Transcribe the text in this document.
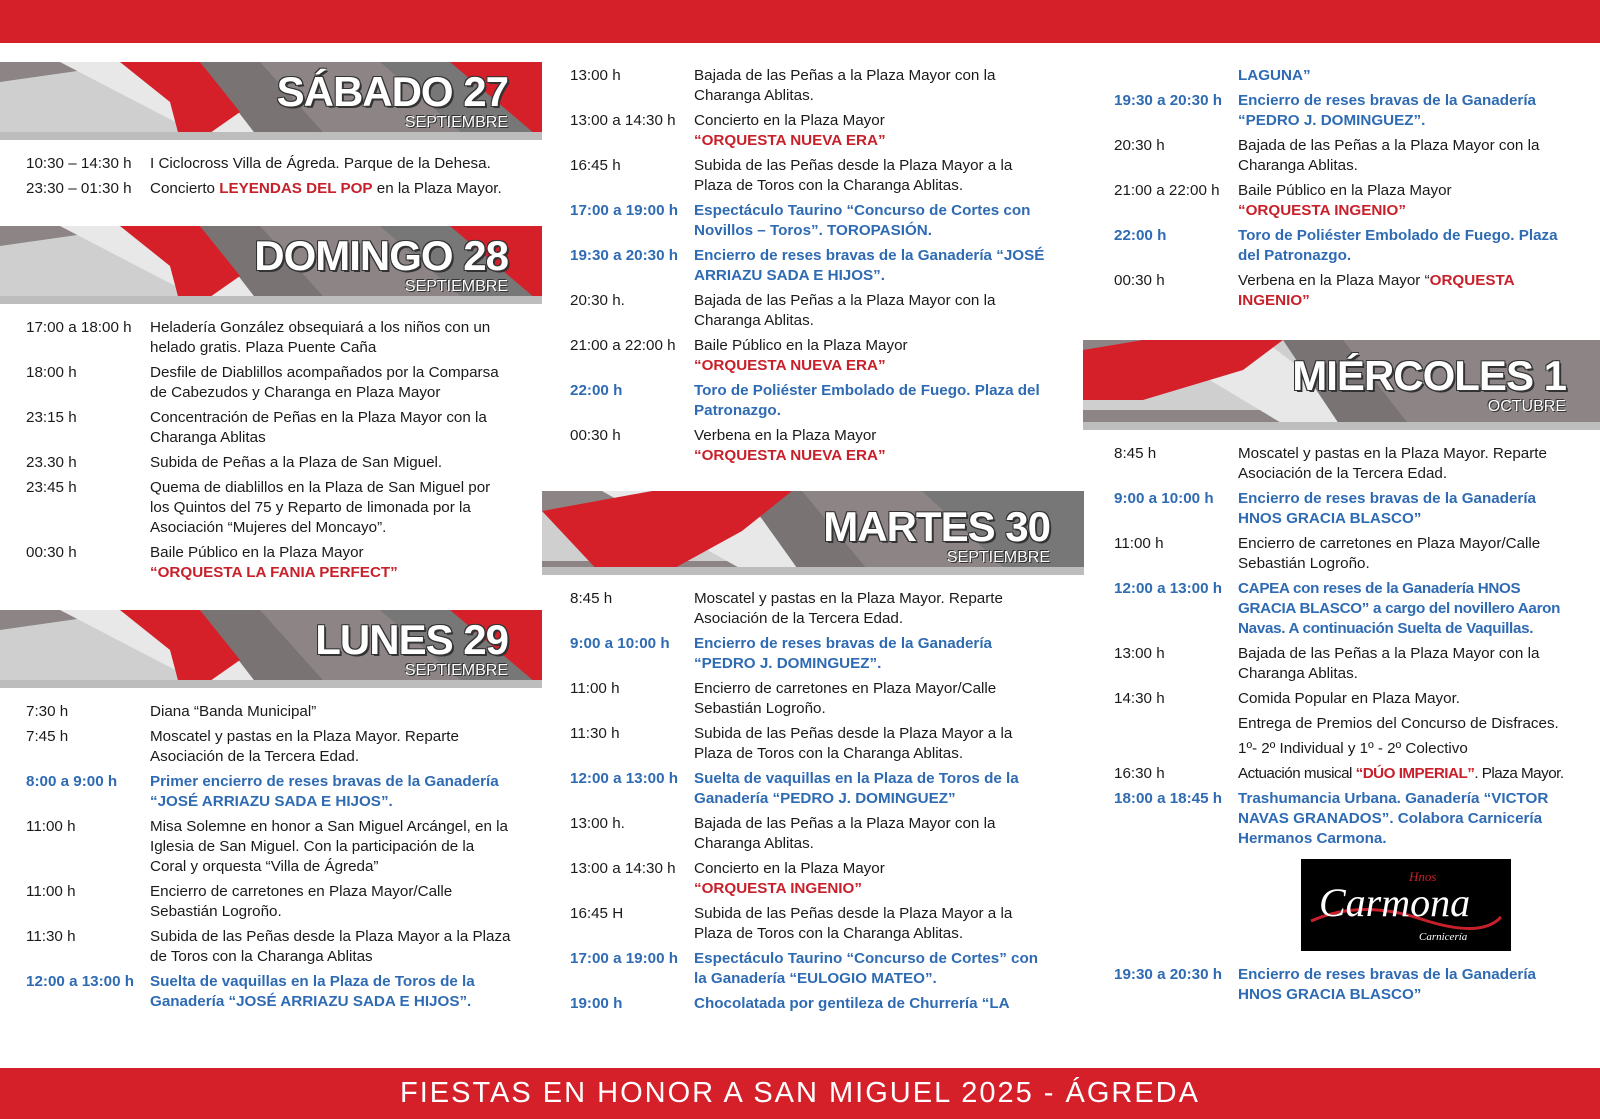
SÁBADO 27
SEPTIEMBRE
10:30 – 14:30 h	I Ciclocross Villa de Ágreda. Parque de la Dehesa.
23:30 – 01:30 h	Concierto LEYENDAS DEL POP en la Plaza Mayor.
DOMINGO 28
SEPTIEMBRE
17:00 a 18:00 h	Heladería González obsequiará a los niños con un helado gratis. Plaza Puente Caña
18:00 h	Desfile de Diablillos acompañados por la Comparsa de Cabezudos y Charanga en Plaza Mayor
23:15 h	Concentración de Peñas en la Plaza Mayor con la Charanga Ablitas
23.30 h	Subida de Peñas a la Plaza de San Miguel.
23:45 h	Quema de diablillos en la Plaza de San Miguel por los Quintos del 75 y Reparto de limonada por la Asociación “Mujeres del Moncayo”.
00:30 h	Baile Público en la Plaza Mayor
“ORQUESTA LA FANIA PERFECT”
LUNES 29
SEPTIEMBRE
7:30 h	Diana “Banda Municipal”
7:45 h	Moscatel y pastas en la Plaza Mayor. Reparte Asociación de la Tercera Edad.
8:00 a 9:00 h	Primer encierro de reses bravas de la Ganadería “JOSÉ ARRIAZU SADA E HIJOS”.
11:00 h	Misa Solemne en honor a San Miguel Arcángel, en la Iglesia de San Miguel. Con la participación de la Coral y orquesta “Villa de Ágreda”
11:00 h	Encierro de carretones en Plaza Mayor/Calle Sebastián Logroño.
11:30 h	Subida de las Peñas desde la Plaza Mayor a la Plaza de Toros con la Charanga Ablitas
12:00 a 13:00 h	Suelta de vaquillas en la Plaza de Toros de la Ganadería “JOSÉ ARRIAZU SADA E HIJOS”.
13:00 h	Bajada de las Peñas a la Plaza Mayor con la Charanga Ablitas.
13:00 a 14:30 h	Concierto en la Plaza Mayor
“ORQUESTA NUEVA ERA”
16:45 h	Subida de las Peñas desde la Plaza Mayor a la Plaza de Toros con la Charanga Ablitas.
17:00 a 19:00 h	Espectáculo Taurino “Concurso de Cortes con Novillos – Toros”. TOROPASIÓN.
19:30 a 20:30 h	Encierro de reses bravas de la Ganadería “JOSÉ ARRIAZU SADA E HIJOS”.
20:30 h.	Bajada de las Peñas a la Plaza Mayor con la Charanga Ablitas.
21:00 a 22:00 h	Baile Público en la Plaza Mayor
“ORQUESTA NUEVA ERA”
22:00 h	Toro de Poliéster Embolado de Fuego. Plaza del Patronazgo.
00:30 h	Verbena en la Plaza Mayor
“ORQUESTA NUEVA ERA”
MARTES 30
SEPTIEMBRE
8:45 h	Moscatel y pastas en la Plaza Mayor. Reparte Asociación de la Tercera Edad.
9:00 a 10:00 h	Encierro de reses bravas de la Ganadería “PEDRO J. DOMINGUEZ”.
11:00 h	Encierro de carretones en Plaza Mayor/Calle Sebastián Logroño.
11:30 h	Subida de las Peñas desde la Plaza Mayor a la Plaza de Toros con la Charanga Ablitas.
12:00 a 13:00 h	Suelta de vaquillas en la Plaza de Toros de la Ganadería “PEDRO J. DOMINGUEZ”
13:00 h.	Bajada de las Peñas a la Plaza Mayor con la Charanga Ablitas.
13:00 a 14:30 h	Concierto en la Plaza Mayor
“ORQUESTA INGENIO”
16:45 H	Subida de las Peñas desde la Plaza Mayor a la Plaza de Toros con la Charanga Ablitas.
17:00 a 19:00 h	Espectáculo Taurino “Concurso de Cortes” con la Ganadería “EULOGIO MATEO”.
19:00 h	Chocolatada por gentileza de Churrería “LA
LAGUNA”
19:30 a 20:30 h	Encierro de reses bravas de la Ganadería “PEDRO J. DOMINGUEZ”.
20:30 h	Bajada de las Peñas a la Plaza Mayor con la Charanga Ablitas.
21:00 a 22:00 h	Baile Público en la Plaza Mayor
“ORQUESTA INGENIO”
22:00 h	Toro de Poliéster Embolado de Fuego. Plaza del Patronazgo.
00:30 h	Verbena en la Plaza Mayor “ORQUESTA INGENIO”
MIÉRCOLES 1
OCTUBRE
8:45 h	Moscatel y pastas en la Plaza Mayor. Reparte Asociación de la Tercera Edad.
9:00 a 10:00 h	Encierro de reses bravas de la Ganadería HNOS GRACIA BLASCO”
11:00 h	Encierro de carretones en Plaza Mayor/Calle Sebastián Logroño.
12:00 a 13:00 h	CAPEA con reses de la Ganadería HNOS GRACIA BLASCO” a cargo del novillero Aaron Navas. A continuación Suelta de Vaquillas.
13:00 h	Bajada de las Peñas a la Plaza Mayor con la Charanga Ablitas.
14:30 h	Comida Popular en Plaza Mayor.
Entrega de Premios del Concurso de Disfraces.
1º- 2º Individual y 1º - 2º Colectivo
16:30 h	Actuación musical “DÚO IMPERIAL”. Plaza Mayor.
18:00 a 18:45 h	Trashumancia Urbana. Ganadería “VICTOR NAVAS GRANADOS”. Colabora Carnicería Hermanos Carmona.
Hnos
Carmona
Carnicería
19:30 a 20:30 h	Encierro de reses bravas de la Ganadería HNOS GRACIA BLASCO”
FIESTAS EN HONOR A SAN MIGUEL 2025 - ÁGREDA
